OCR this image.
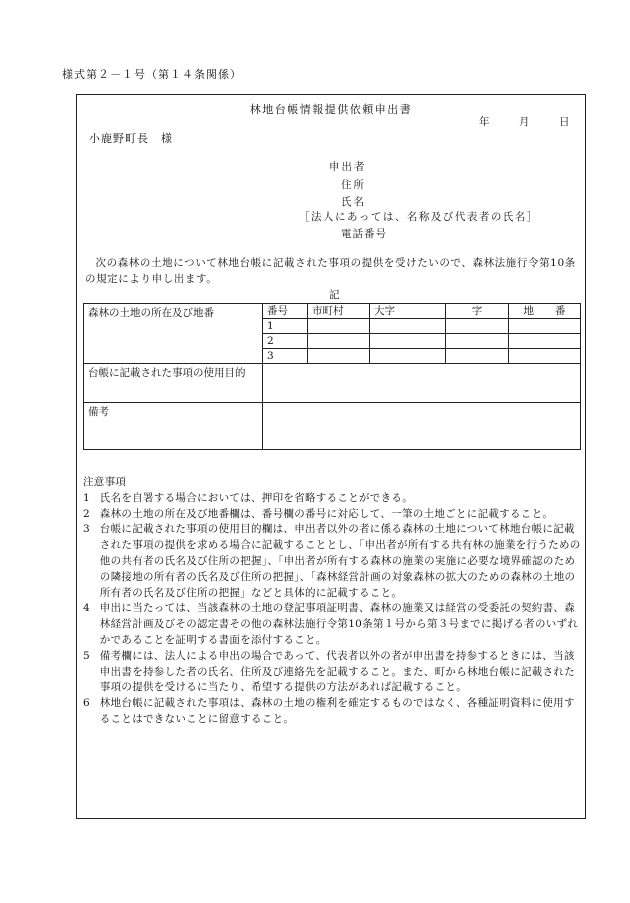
様式第２－１号（第１４条関係）
林地台帳情報提供依頼申出書
年	月	日
小鹿野町長　様
申出者
住所
氏名
［法人にあっては、名称及び代表者の氏名］
電話番号

次の森林の土地について林地台帳に記載された事項の提供を受けたいので、森林法施行令第10条の規定により申し出ます。

記
森林の土地の所在及び地番	番号	市町村	大字	字	地　　番
	1				
	2				
	3				
台帳に記載された事項の使用目的					
備考					

注意事項

1 氏名を自署する場合においては、押印を省略することができる。

2 森林の土地の所在及び地番欄は、番号欄の番号に対応して、一筆の土地ごとに記載すること。

3 台帳に記載された事項の使用目的欄は、申出者以外の者に係る森林の土地について林地台帳に記載された事項の提供を求める場合に記載することとし、「申出者が所有する共有林の施業を行うための他の共有者の氏名及び住所の把握」、「申出者が所有する森林の施業の実施に必要な境界確認のための隣接地の所有者の氏名及び住所の把握」、「森林経営計画の対象森林の拡大のための森林の土地の所有者の氏名及び住所の把握」などと具体的に記載すること。

4 申出に当たっては、当該森林の土地の登記事項証明書、森林の施業又は経営の受委託の契約書、森林経営計画及びその認定書その他の森林法施行令第10条第１号から第３号までに掲げる者のいずれかであることを証明する書面を添付すること。

5 備考欄には、法人による申出の場合であって、代表者以外の者が申出書を持参するときには、当該申出書を持参した者の氏名、住所及び連絡先を記載すること。また、町から林地台帳に記載された事項の提供を受けるに当たり、希望する提供の方法があれば記載すること。

6 林地台帳に記載された事項は、森林の土地の権利を確定するものではなく、各種証明資料に使用することはできないことに留意すること。
